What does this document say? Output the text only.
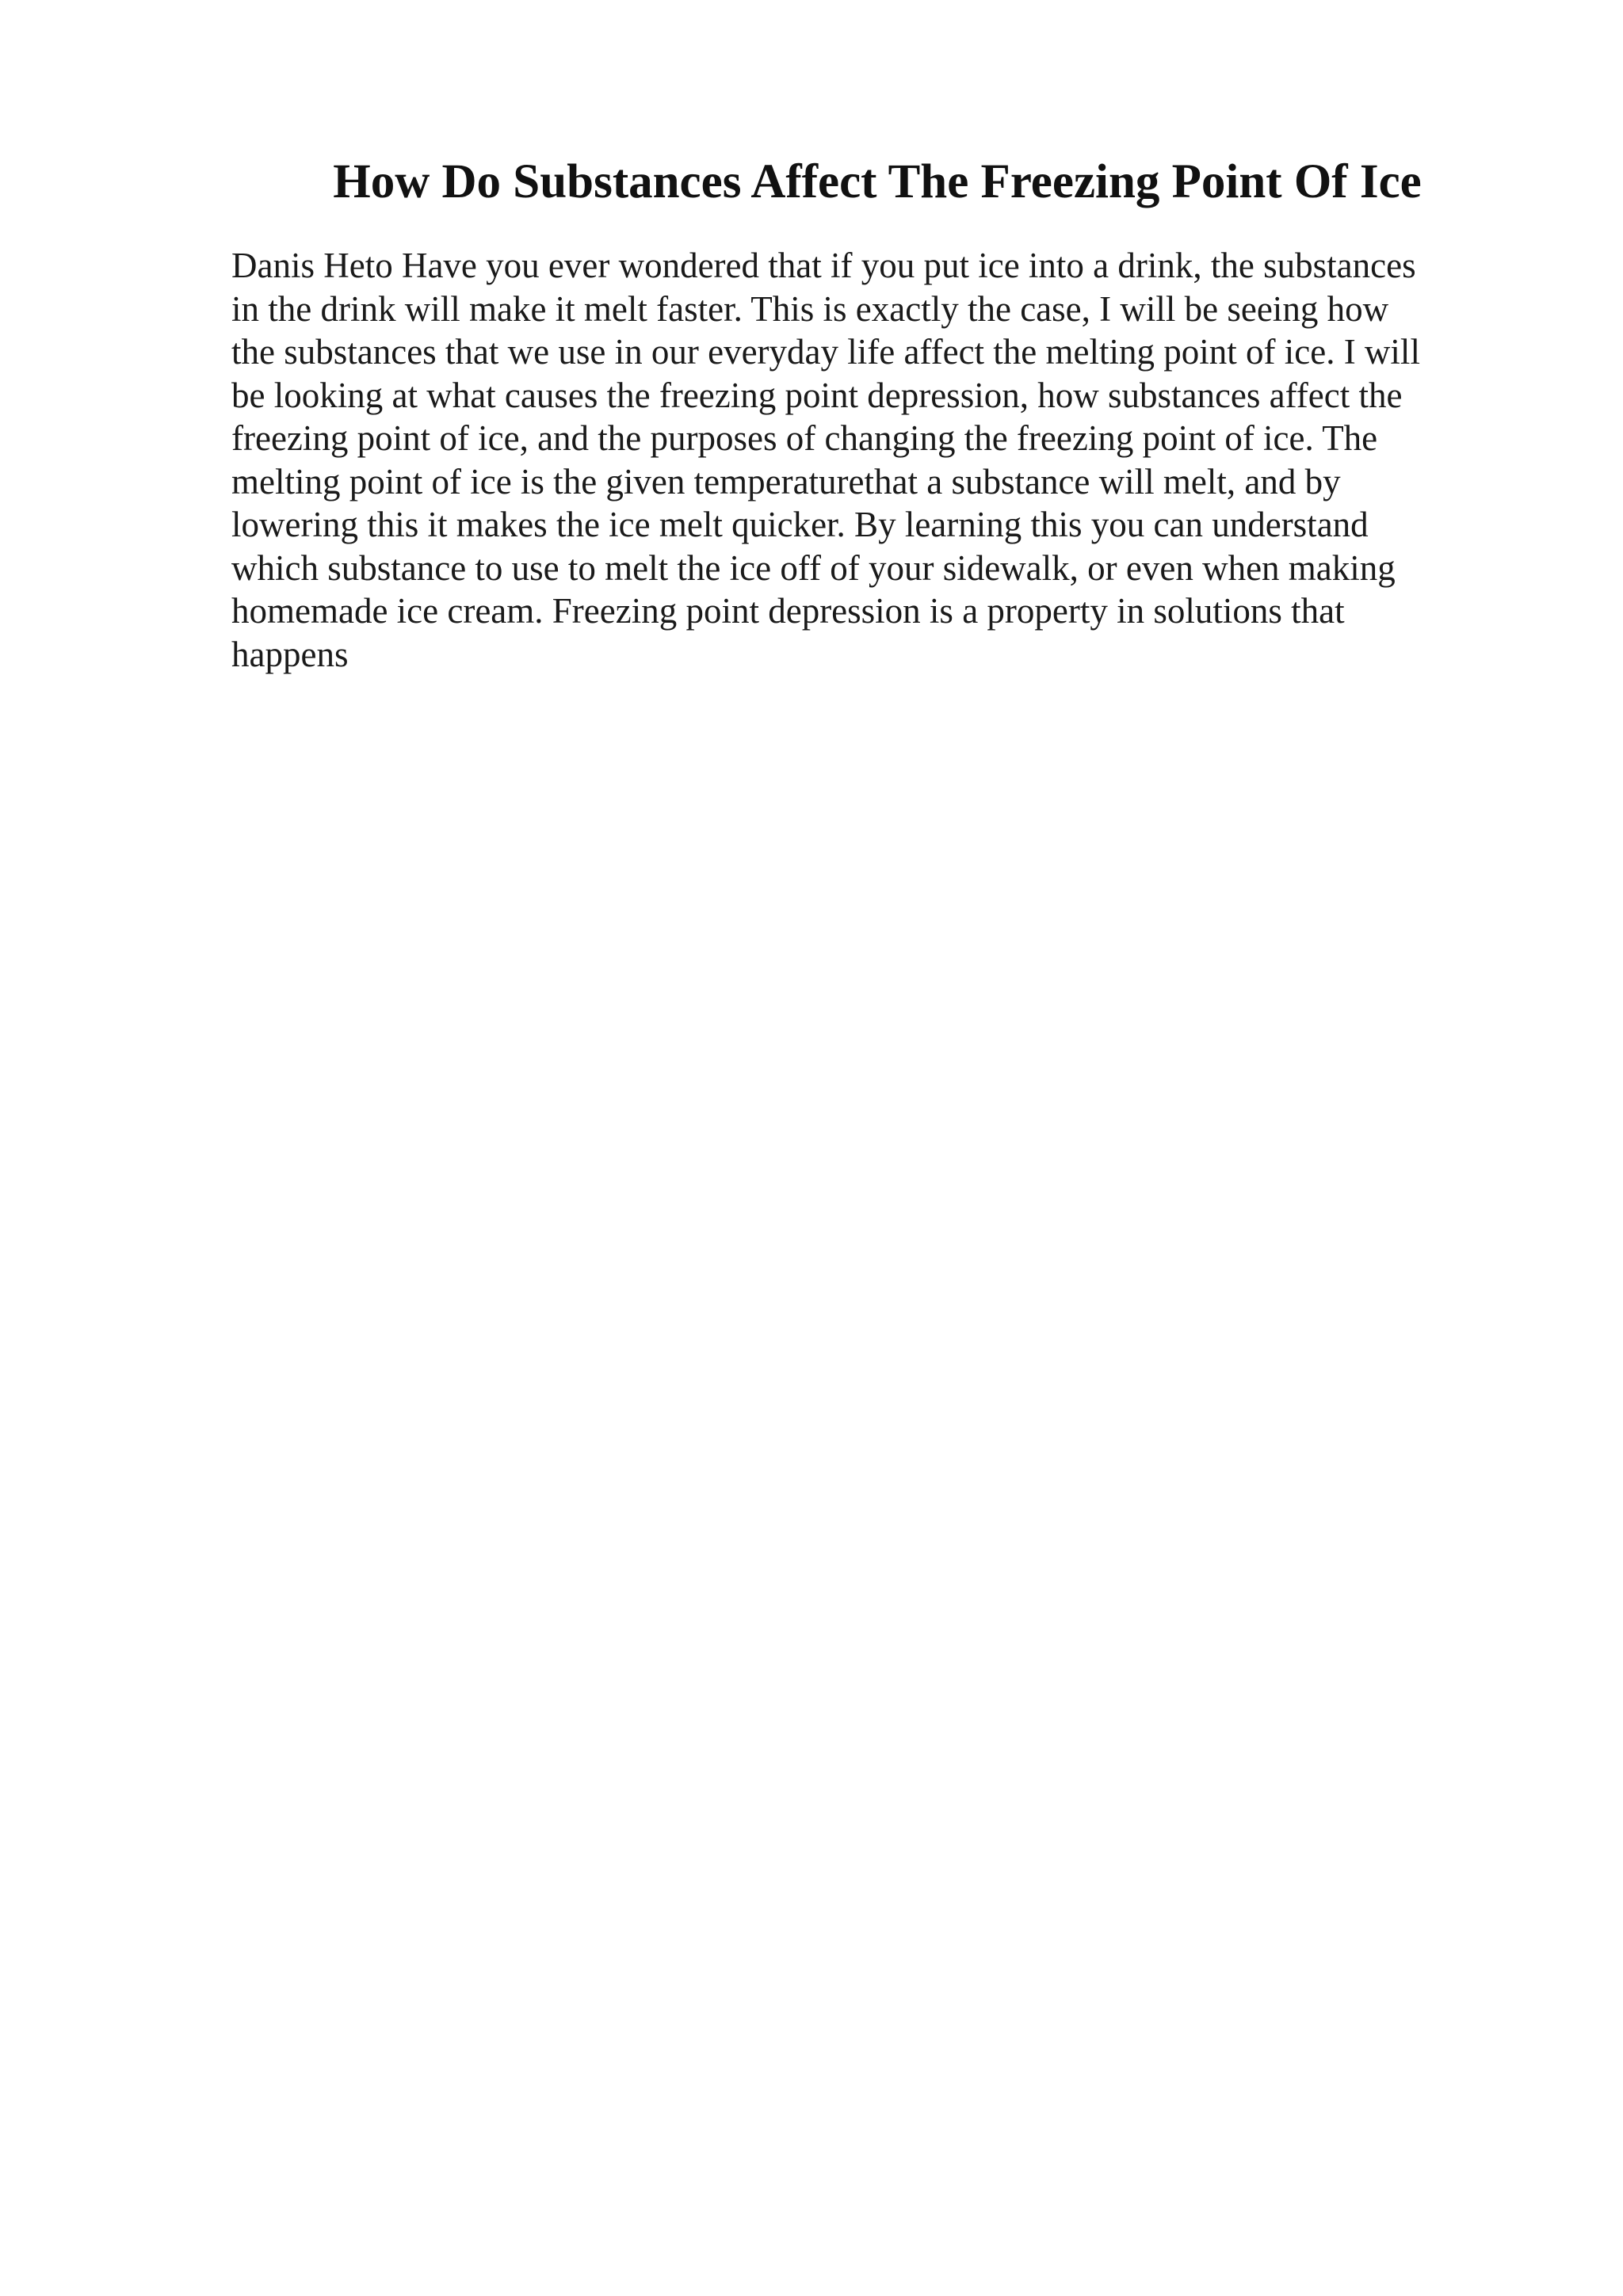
How Do Substances Affect The Freezing Point Of Ice

Danis Heto Have you ever wondered that if you put ice into a drink, the substances
in the drink will make it melt faster. This is exactly the case, I will be seeing how
the substances that we use in our everyday life affect the melting point of ice. I will
be looking at what causes the freezing point depression, how substances affect the
freezing point of ice, and the purposes of changing the freezing point of ice. The
melting point of ice is the given temperaturethat a substance will melt, and by
lowering this it makes the ice melt quicker. By learning this you can understand
which substance to use to melt the ice off of your sidewalk, or even when making
homemade ice cream. Freezing point depression is a property in solutions that
happens
